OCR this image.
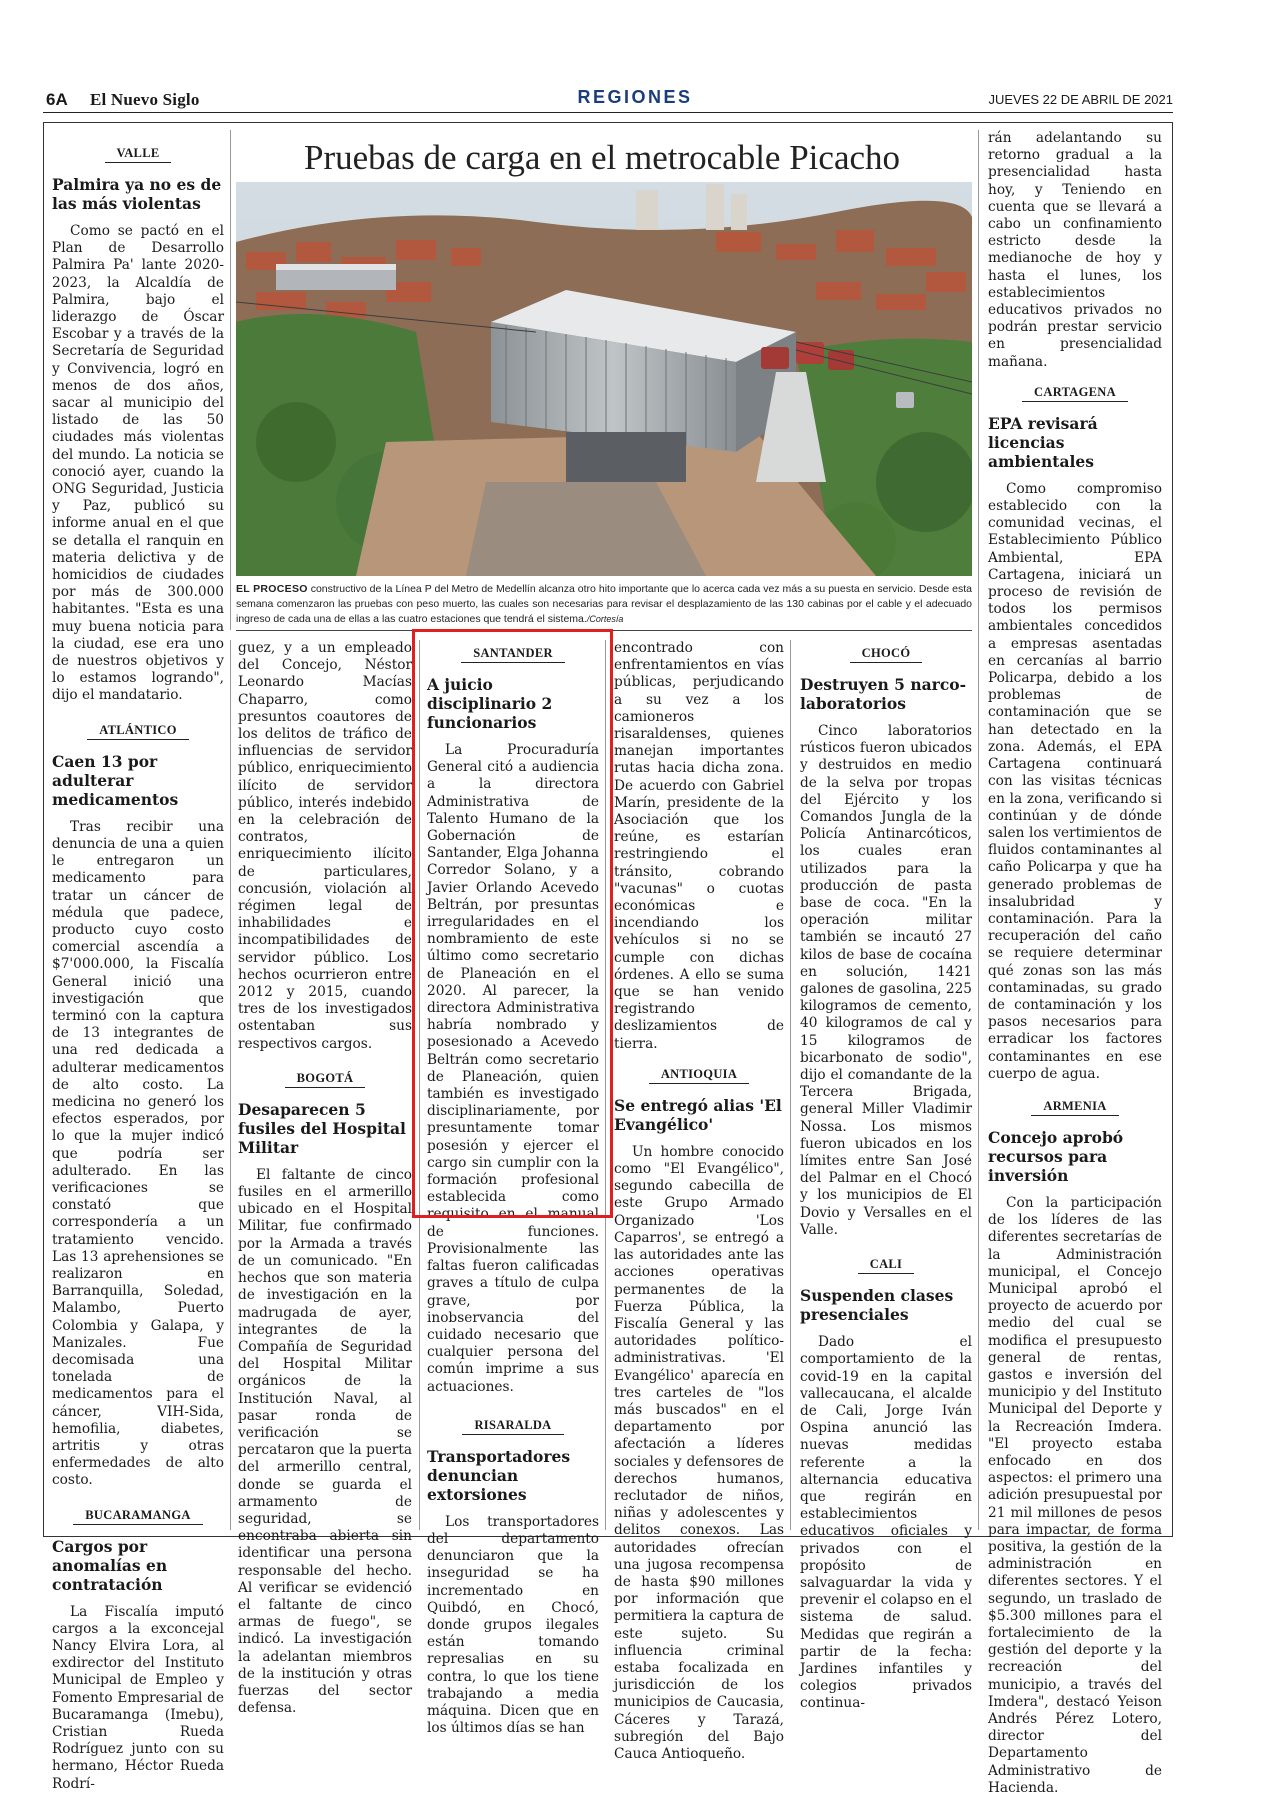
6A El Nuevo Siglo	REGIONES	JUEVES 22 DE ABRIL DE 2021
Pruebas de carga en el metrocable Picacho
EL PROCESO constructivo de la Línea P del Metro de Medellín alcanza otro hito importante que lo acerca cada vez más a su puesta en servicio. Desde esta semana comenzaron las pruebas con peso muerto, las cuales son necesarias para revisar el desplazamiento de las 130 cabinas por el cable y el adecuado ingreso de cada una de ellas a las cuatro estaciones que tendrá el sistema./Cortesía
VALLE
Palmira ya no es de las más violentas

Como se pactó en el Plan de Desarrollo Palmira Pa' lante 2020-2023, la Alcaldía de Palmira, bajo el liderazgo de Óscar Escobar y a través de la Secretaría de Seguridad y Convivencia, logró en menos de dos años, sacar al municipio del listado de las 50 ciudades más violentas del mundo. La noticia se conoció ayer, cuando la ONG Seguridad, Justicia y Paz, publicó su informe anual en el que se detalla el ranquin en materia delictiva y de homicidios de ciudades por más de 300.000 habitantes. "Esta es una muy buena noticia para la ciudad, ese era uno de nuestros objetivos y lo estamos logrando", dijo el mandatario.

ATLÁNTICO
Caen 13 por adulterar medicamentos

Tras recibir una denuncia de una a quien le entregaron un medicamento para tratar un cáncer de médula que padece, producto cuyo costo comercial ascendía a $7'000.000, la Fiscalía General inició una investigación que terminó con la captura de 13 integrantes de una red dedicada a adulterar medicamentos de alto costo. La medicina no generó los efectos esperados, por lo que la mujer indicó que podría ser adulterado. En las verificaciones se constató que correspondería a un tratamiento vencido. Las 13 aprehensiones se realizaron en Barranquilla, Soledad, Malambo, Puerto Colombia y Galapa, y Manizales. Fue decomisada una tonelada de medicamentos para el cáncer, VIH-Sida, hemofilia, diabetes, artritis y otras enfermedades de alto costo.

BUCARAMANGA
Cargos por anomalías en contratación

La Fiscalía imputó cargos a la exconcejal Nancy Elvira Lora, al exdirector del Instituto Municipal de Empleo y Fomento Empresarial de Bucaramanga (Imebu), Cristian Rueda Rodríguez junto con su hermano, Héctor Rueda Rodrí-

guez, y a un empleado del Concejo, Néstor Leonardo Macías Chaparro, como presuntos coautores de los delitos de tráfico de influencias de servidor público, enriquecimiento ilícito de servidor público, interés indebido en la celebración de contratos, enriquecimiento ilícito de particulares, concusión, violación al régimen legal de inhabilidades e incompatibilidades de servidor público. Los hechos ocurrieron entre 2012 y 2015, cuando tres de los investigados ostentaban sus respectivos cargos.

BOGOTÁ
Desaparecen 5 fusiles del Hospital Militar

El faltante de cinco fusiles en el armerillo ubicado en el Hospital Militar, fue confirmado por la Armada a través de un comunicado. "En hechos que son materia de investigación en la madrugada de ayer, integrantes de la Compañía de Seguridad del Hospital Militar orgánicos de la Institución Naval, al pasar ronda de verificación se percataron que la puerta del armerillo central, donde se guarda el armamento de seguridad, se encontraba abierta sin identificar una persona responsable del hecho. Al verificar se evidenció el faltante de cinco armas de fuego", se indicó. La investigación la adelantan miembros de la institución y otras fuerzas del sector defensa.

SANTANDER
A juicio disciplinario 2 funcionarios

La Procuraduría General citó a audiencia a la directora Administrativa de Talento Humano de la Gobernación de Santander, Elga Johanna Corredor Solano, y a Javier Orlando Acevedo Beltrán, por presuntas irregularidades en el nombramiento de este último como secretario de Planeación en el 2020. Al parecer, la directora Administrativa habría nombrado y posesionado a Acevedo Beltrán como secretario de Planeación, quien también es investigado disciplinariamente, por presuntamente tomar posesión y ejercer el cargo sin cumplir con la formación profesional establecida como requisito en el manual de funciones. Provisionalmente las faltas fueron calificadas graves a título de culpa grave, por inobservancia del cuidado necesario que cualquier persona del común imprime a sus actuaciones.

RISARALDA
Transportadores denuncian extorsiones

Los transportadores del departamento denunciaron que la inseguridad se ha incrementado en Quibdó, en Chocó, donde grupos ilegales están tomando represalias en su contra, lo que los tiene trabajando a media máquina. Dicen que en los últimos días se han

encontrado con enfrentamientos en vías públicas, perjudicando a su vez a los camioneros risaraldenses, quienes manejan importantes rutas hacia dicha zona. De acuerdo con Gabriel Marín, presidente de la Asociación que los reúne, es estarían restringiendo el tránsito, cobrando "vacunas" o cuotas económicas e incendiando los vehículos si no se cumple con dichas órdenes. A ello se suma que se han venido registrando deslizamientos de tierra.

ANTIOQUIA
Se entregó alias 'El Evangélico'

Un hombre conocido como "El Evangélico", segundo cabecilla de este Grupo Armado Organizado 'Los Caparros', se entregó a las autoridades ante las acciones operativas permanentes de la Fuerza Pública, la Fiscalía General y las autoridades político-administrativas. 'El Evangélico' aparecía en tres carteles de "los más buscados" en el departamento por afectación a líderes sociales y defensores de derechos humanos, reclutador de niños, niñas y adolescentes y delitos conexos. Las autoridades ofrecían una jugosa recompensa de hasta $90 millones por información que permitiera la captura de este sujeto. Su influencia criminal estaba focalizada en jurisdicción de los municipios de Caucasia, Cáceres y Tarazá, subregión del Bajo Cauca Antioqueño.

CHOCÓ
Destruyen 5 narco-laboratorios

Cinco laboratorios rústicos fueron ubicados y destruidos en medio de la selva por tropas del Ejército y los Comandos Jungla de la Policía Antinarcóticos, los cuales eran utilizados para la producción de pasta base de coca. "En la operación militar también se incautó 27 kilos de base de cocaína en solución, 1421 galones de gasolina, 225 kilogramos de cemento, 40 kilogramos de cal y 15 kilogramos de bicarbonato de sodio", dijo el comandante de la Tercera Brigada, general Miller Vladimir Nossa. Los mismos fueron ubicados en los límites entre San José del Palmar en el Chocó y los municipios de El Dovio y Versalles en el Valle.

CALI
Suspenden clases presenciales

Dado el comportamiento de la covid-19 en la capital vallecaucana, el alcalde de Cali, Jorge Iván Ospina anunció las nuevas medidas referente a la alternancia educativa que regirán en establecimientos educativos oficiales y privados con el propósito de salvaguardar la vida y prevenir el colapso en el sistema de salud. Medidas que regirán a partir de la fecha: Jardines infantiles y colegios privados continua-

rán adelantando su retorno gradual a la presencialidad hasta hoy, y Teniendo en cuenta que se llevará a cabo un confinamiento estricto desde la medianoche de hoy y hasta el lunes, los establecimientos educativos privados no podrán prestar servicio en presencialidad mañana.

CARTAGENA
EPA revisará licencias ambientales

Como compromiso establecido con la comunidad vecinas, el Establecimiento Público Ambiental, EPA Cartagena, iniciará un proceso de revisión de todos los permisos ambientales concedidos a empresas asentadas en cercanías al barrio Policarpa, debido a los problemas de contaminación que se han detectado en la zona. Además, el EPA Cartagena continuará con las visitas técnicas en la zona, verificando si continúan y de dónde salen los vertimientos de fluidos contaminantes al caño Policarpa y que ha generado problemas de insalubridad y contaminación. Para la recuperación del caño se requiere determinar qué zonas son las más contaminadas, su grado de contaminación y los pasos necesarios para erradicar los factores contaminantes en ese cuerpo de agua.

ARMENIA
Concejo aprobó recursos para inversión

Con la participación de los líderes de las diferentes secretarías de la Administración municipal, el Concejo Municipal aprobó el proyecto de acuerdo por medio del cual se modifica el presupuesto general de rentas, gastos e inversión del municipio y del Instituto Municipal del Deporte y la Recreación Imdera. "El proyecto estaba enfocado en dos aspectos: el primero una adición presupuestal por 21 mil millones de pesos para impactar, de forma positiva, la gestión de la administración en diferentes sectores. Y el segundo, un traslado de $5.300 millones para el fortalecimiento de la gestión del deporte y la recreación del municipio, a través del Imdera", destacó Yeison Andrés Pérez Lotero, director del Departamento Administrativo de Hacienda.
